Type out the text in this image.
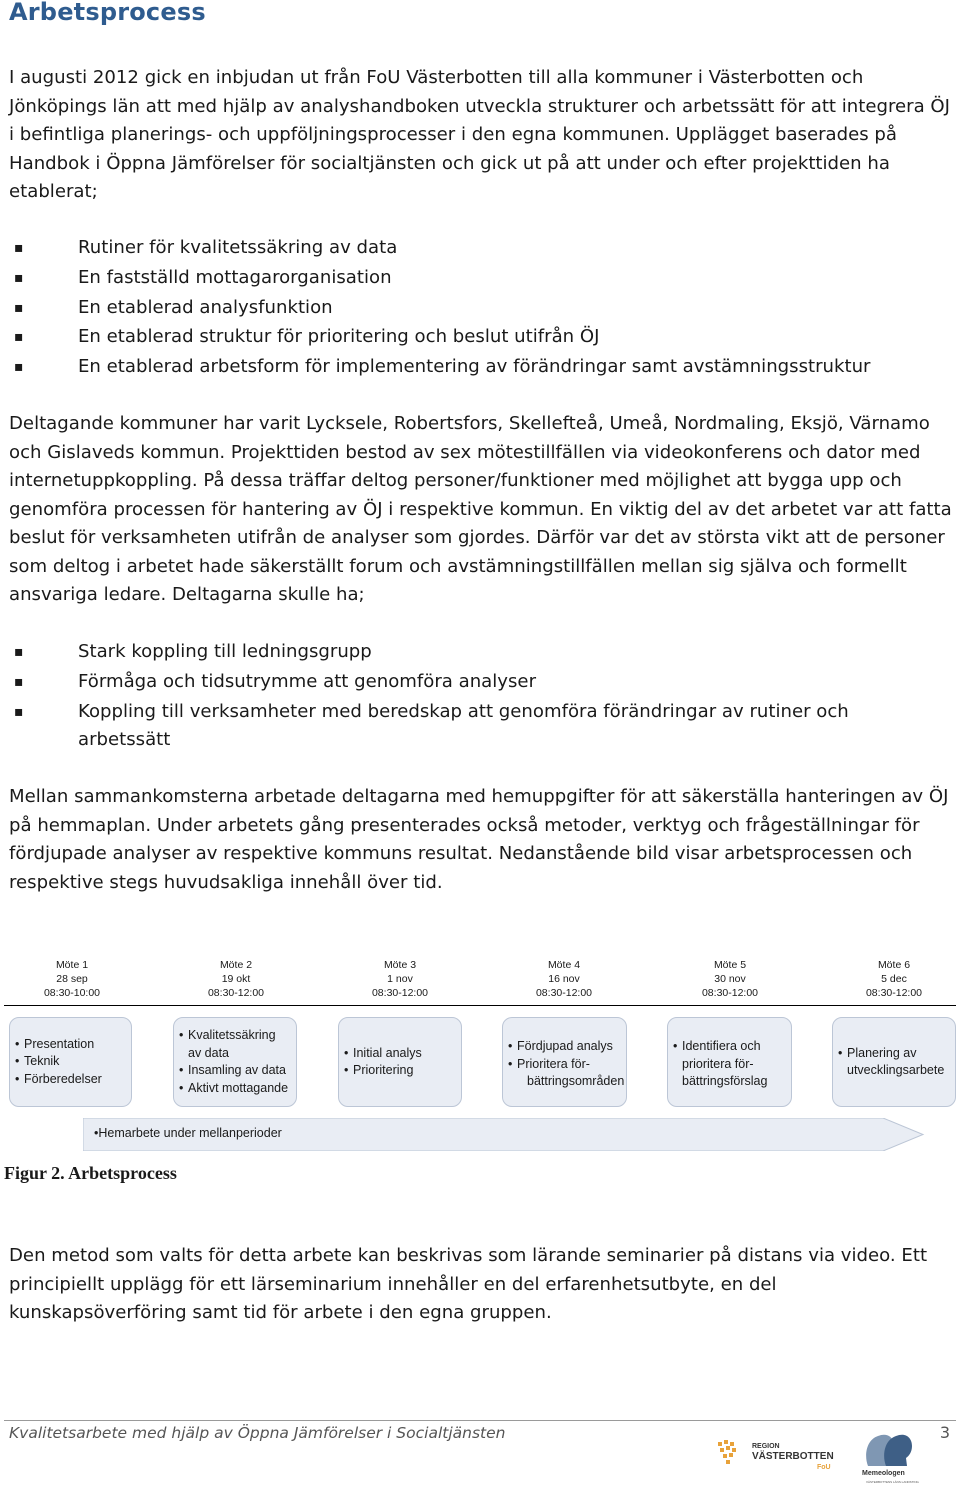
Arbetsprocess

I augusti 2012 gick en inbjudan ut från FoU Västerbotten till alla kommuner i Västerbotten och Jönköpings län att med hjälp av analyshandboken utveckla strukturer och arbetssätt för att integrera ÖJ i befintliga planerings- och uppföljningsprocesser i den egna kommunen. Upplägget baserades på Handbok i Öppna Jämförelser för socialtjänsten och gick ut på att under och efter projekttiden ha etablerat;

▪	Rutiner för kvalitetssäkring av data
▪	En fastställd mottagarorganisation
▪	En etablerad analysfunktion
▪	En etablerad struktur för prioritering och beslut utifrån ÖJ
▪	En etablerad arbetsform för implementering av förändringar samt avstämningsstruktur

Deltagande kommuner har varit Lycksele, Robertsfors, Skellefteå, Umeå, Nordmaling, Eksjö, Värnamo och Gislaveds kommun. Projekttiden bestod av sex mötestillfällen via videokonferens och dator med internetuppkoppling. På dessa träffar deltog personer/funktioner med möjlighet att bygga upp och genomföra processen för hantering av ÖJ i respektive kommun. En viktig del av det arbetet var att fatta beslut för verksamheten utifrån de analyser som gjordes. Därför var det av största vikt att de personer som deltog i arbetet hade säkerställt forum och avstämningstillfällen mellan sig själva och formellt ansvariga ledare. Deltagarna skulle ha;

▪	Stark koppling till ledningsgrupp
▪	Förmåga och tidsutrymme att genomföra analyser
▪	Koppling till verksamheter med beredskap att genomföra förändringar av rutiner och arbetssätt

Mellan sammankomsterna arbetade deltagarna med hemuppgifter för att säkerställa hanteringen av ÖJ på hemmaplan. Under arbetets gång presenterades också metoder, verktyg och frågeställningar för fördjupade analyser av respektive kommuns resultat. Nedanstående bild visar arbetsprocessen och respektive stegs huvudsakliga innehåll över tid.

Möte 1
28 sep
08:30-10:00
Möte 2
19 okt
08:30-12:00
Möte 3
1 nov
08:30-12:00
Möte 4
16 nov
08:30-12:00
Möte 5
30 nov
08:30-12:00
Möte 6
5 dec
08:30-12:00
• Presentation
• Teknik
• Förberedelser
• Kvalitetssäkring
av data
• Insamling av data
• Aktivt mottagande
• Initial analys
• Prioritering
• Fördjupad analys
• Prioritera för-
bättringsområden
• Identifiera och
prioritera för-
bättringsförslag
• Planering av
utvecklingsarbete
•Hemarbete under mellanperioder
Figur 2. Arbetsprocess

Den metod som valts för detta arbete kan beskrivas som lärande seminarier på distans via video. Ett principiellt upplägg för ett lärseminarium innehåller en del erfarenhetsutbyte, en del kunskapsöverföring samt tid för arbete i den egna gruppen.

Kvalitetsarbete med hjälp av Öppna Jämförelser i Socialtjänsten	3
REGION
VÄSTERBOTTEN
FoU
Memeologen
VÄSTERBOTTENS LÄNS LANDSTING
